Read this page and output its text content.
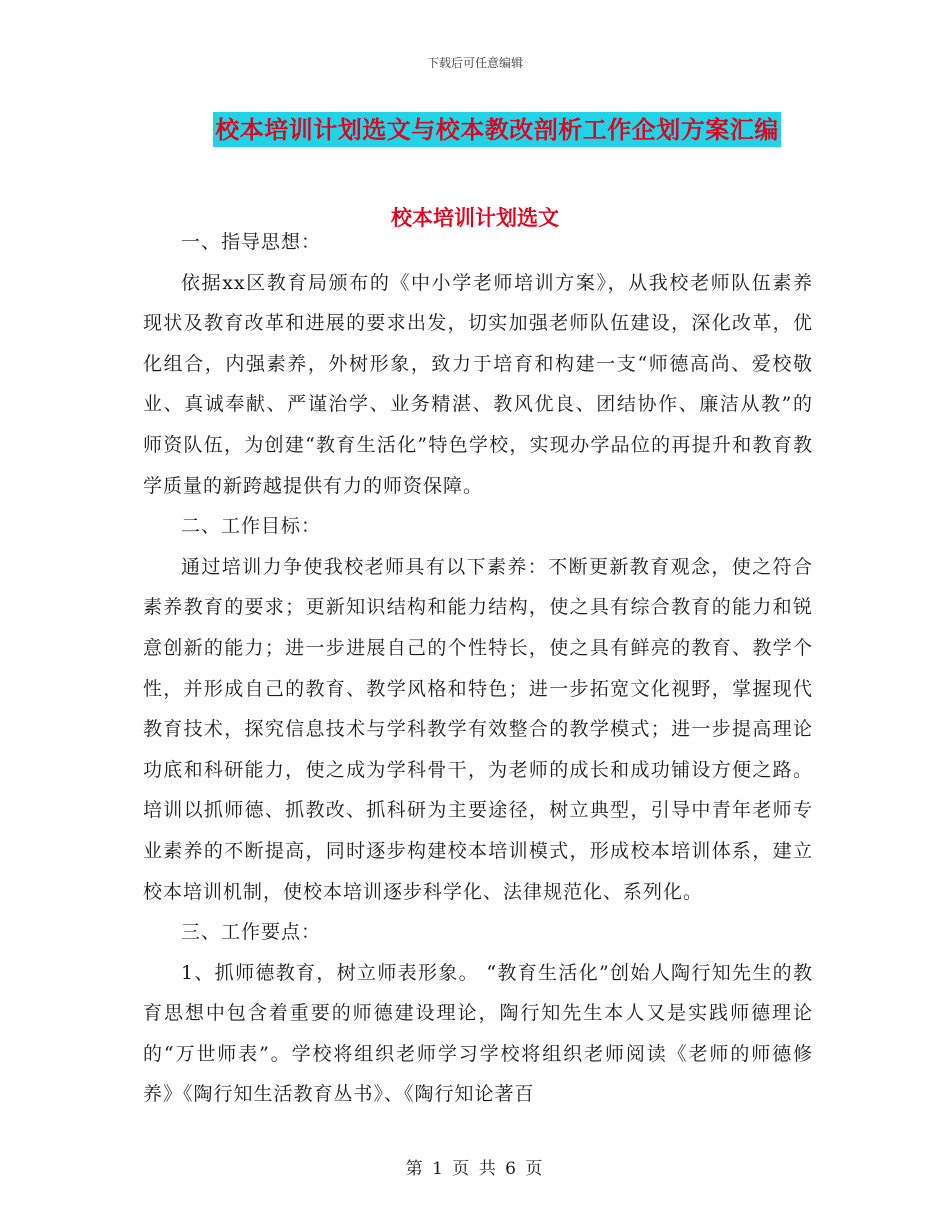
下载后可任意编辑
校本培训计划选文与校本教改剖析工作企划方案汇编
校本培训计划选文

一、指导思想：

依据xx区教育局颁布的《中小学老师培训方案》，从我校老师队伍素养现状及教育改革和进展的要求出发，切实加强老师队伍建设，深化改革，优化组合，内强素养，外树形象，致力于培育和构建一支“师德高尚、爱校敬业、真诚奉献、严谨治学、业务精湛、教风优良、团结协作、廉洁从教”的师资队伍，为创建“教育生活化”特色学校，实现办学品位的再提升和教育教学质量的新跨越提供有力的师资保障。

二、工作目标：

通过培训力争使我校老师具有以下素养：不断更新教育观念，使之符合素养教育的要求；更新知识结构和能力结构，使之具有综合教育的能力和锐意创新的能力；进一步进展自己的个性特长，使之具有鲜亮的教育、教学个性，并形成自己的教育、教学风格和特色；进一步拓宽文化视野，掌握现代教育技术，探究信息技术与学科教学有效整合的教学模式；进一步提高理论功底和科研能力，使之成为学科骨干，为老师的成长和成功铺设方便之路。培训以抓师德、抓教改、抓科研为主要途径，树立典型，引导中青年老师专业素养的不断提高，同时逐步构建校本培训模式，形成校本培训体系，建立校本培训机制，使校本培训逐步科学化、法律规范化、系列化。

三、工作要点：

1、抓师德教育，树立师表形象。 “教育生活化”创始人陶行知先生的教育思想中包含着重要的师德建设理论，陶行知先生本人又是实践师德理论的“万世师表”。学校将组织老师学习学校将组织老师阅读《老师的师德修养》《陶行知生活教育丛书》、《陶行知论著百

第 1 页 共 6 页
